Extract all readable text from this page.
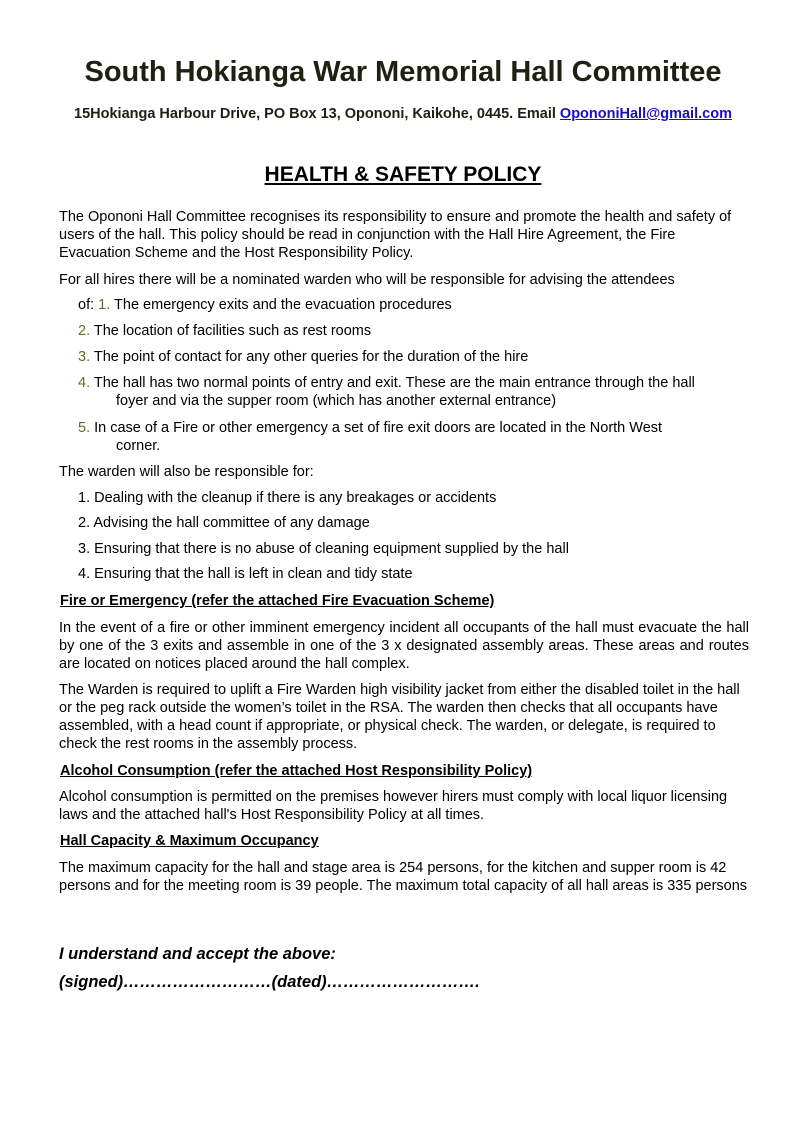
South Hokianga War Memorial Hall Committee
15Hokianga Harbour Drive, PO Box 13, Opononi, Kaikohe, 0445. Email OpononiHall@gmail.com
HEALTH & SAFETY POLICY
The Opononi Hall Committee recognises its responsibility to ensure and promote the health and safety of users of the hall. This policy should be read in conjunction with the Hall Hire Agreement, the Fire Evacuation Scheme and the Host Responsibility Policy.
For all hires there will be a nominated warden who will be responsible for advising the attendees
of: 1. The emergency exits and the evacuation procedures
2. The location of facilities such as rest rooms
3. The point of contact for any other queries for the duration of the hire
4. The hall has two normal points of entry and exit. These are the main entrance through the hall
foyer and via the supper room (which has another external entrance)
5. In case of a Fire or other emergency a set of fire exit doors are located in the North West
corner.
The warden will also be responsible for:
1. Dealing with the cleanup if there is any breakages or accidents
2. Advising the hall committee of any damage
3. Ensuring that there is no abuse of cleaning equipment supplied by the hall
4. Ensuring that the hall is left in clean and tidy state
Fire or Emergency (refer the attached Fire Evacuation Scheme)
In the event of a fire or other imminent emergency incident all occupants of the hall must evacuate the hall by one of the 3 exits and assemble in one of the 3 x designated assembly areas. These areas and routes are located on notices placed around the hall complex.
The Warden is required to uplift a Fire Warden high visibility jacket from either the disabled toilet in the hall or the peg rack outside the women’s toilet in the RSA. The warden then checks that all occupants have assembled, with a head count if appropriate, or physical check. The warden, or delegate, is required to check the rest rooms in the assembly process.
Alcohol Consumption (refer the attached Host Responsibility Policy)
Alcohol consumption is permitted on the premises however hirers must comply with local liquor licensing laws and the attached hall's Host Responsibility Policy at all times.
Hall Capacity & Maximum Occupancy
The maximum capacity for the hall and stage area is 254 persons, for the kitchen and supper room is 42 persons and for the meeting room is 39 people. The maximum total capacity of all hall areas is 335 persons
I understand and accept the above:
(signed)………………………(dated)……………………….
